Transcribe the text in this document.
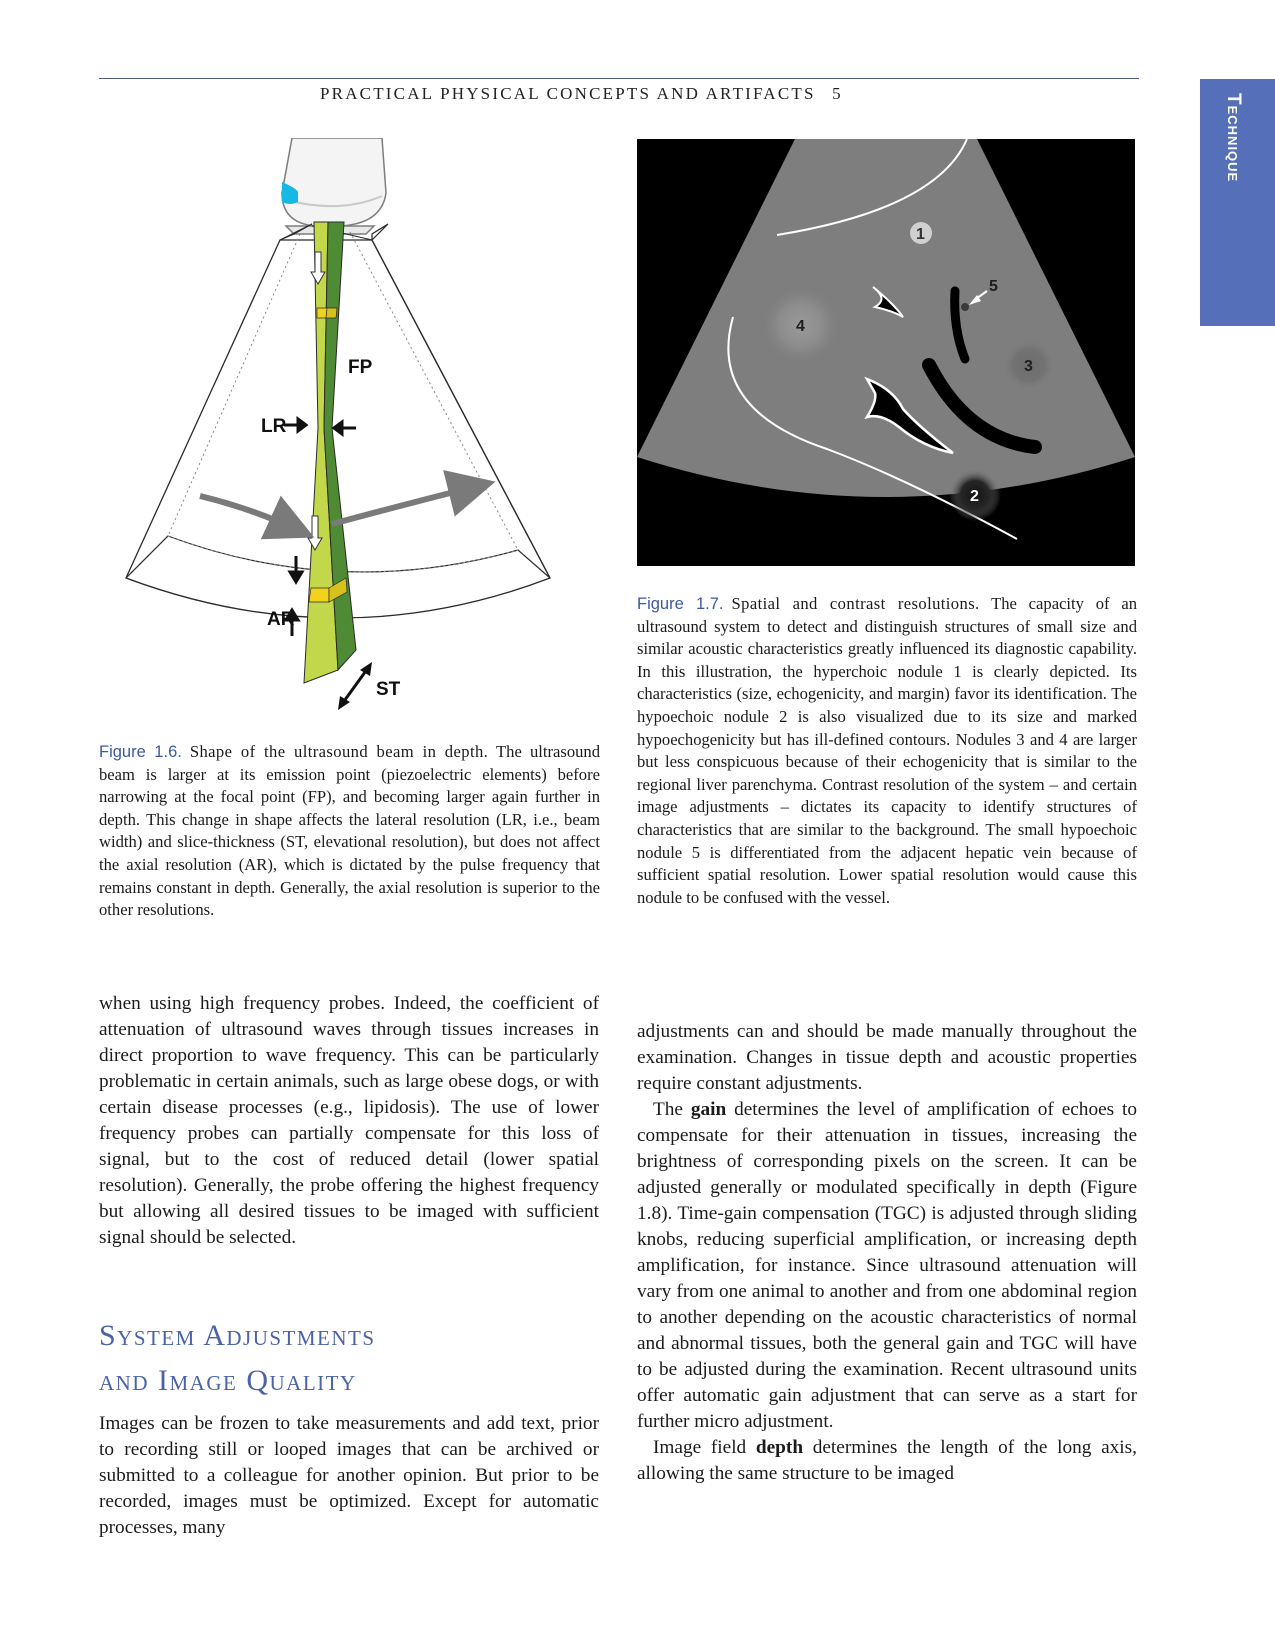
PRACTICAL PHYSICAL CONCEPTS AND ARTIFACTS 5	Technique
FP
LR
AR
ST
1
2
3
4
5

Figure 1.6. Shape of the ultrasound beam in depth. The ultrasound beam is larger at its emission point (piezoelectric elements) before narrowing at the focal point (FP), and becoming larger again further in depth. This change in shape affects the lateral resolution (LR, i.e., beam width) and slice-thickness (ST, elevational resolution), but does not affect the axial resolution (AR), which is dictated by the pulse frequency that remains constant in depth. Generally, the axial resolution is superior to the other resolutions.

Figure 1.7. Spatial and contrast resolutions. The capacity of an ultrasound system to detect and distinguish structures of small size and similar acoustic characteristics greatly influenced its diagnostic capability. In this illustration, the hyperchoic nodule 1 is clearly depicted. Its characteristics (size, echogenicity, and margin) favor its identification. The hypoechoic nodule 2 is also visualized due to its size and marked hypoechogenicity but has ill-defined contours. Nodules 3 and 4 are larger but less conspicuous because of their echogenicity that is similar to the regional liver parenchyma. Contrast resolution of the system – and certain image adjustments – dictates its capacity to identify structures of characteristics that are similar to the background. The small hypoechoic nodule 5 is differentiated from the adjacent hepatic vein because of sufficient spatial resolution. Lower spatial resolution would cause this nodule to be confused with the vessel.

when using high frequency probes. Indeed, the coefficient of attenuation of ultrasound waves through tissues increases in direct proportion to wave frequency. This can be particularly problematic in certain animals, such as large obese dogs, or with certain disease processes (e.g., lipidosis). The use of lower frequency probes can partially compensate for this loss of signal, but to the cost of reduced detail (lower spatial resolution). Generally, the probe offering the highest frequency but allowing all desired tissues to be imaged with sufficient signal should be selected.

System Adjustments
and Image Quality

Images can be frozen to take measurements and add text, prior to recording still or looped images that can be archived or submitted to a colleague for another opinion. But prior to be recorded, images must be optimized. Except for automatic processes, many

adjustments can and should be made manually throughout the examination. Changes in tissue depth and acoustic properties require constant adjustments.

The gain determines the level of amplification of echoes to compensate for their attenuation in tissues, increasing the brightness of corresponding pixels on the screen. It can be adjusted generally or modulated specifically in depth (Figure 1.8). Time-gain compensation (TGC) is adjusted through sliding knobs, reducing superficial amplification, or increasing depth amplification, for instance. Since ultrasound attenuation will vary from one animal to another and from one abdominal region to another depending on the acoustic characteristics of normal and abnormal tissues, both the general gain and TGC will have to be adjusted during the examination. Recent ultrasound units offer automatic gain adjustment that can serve as a start for further micro adjustment.

Image field depth determines the length of the long axis, allowing the same structure to be imaged
